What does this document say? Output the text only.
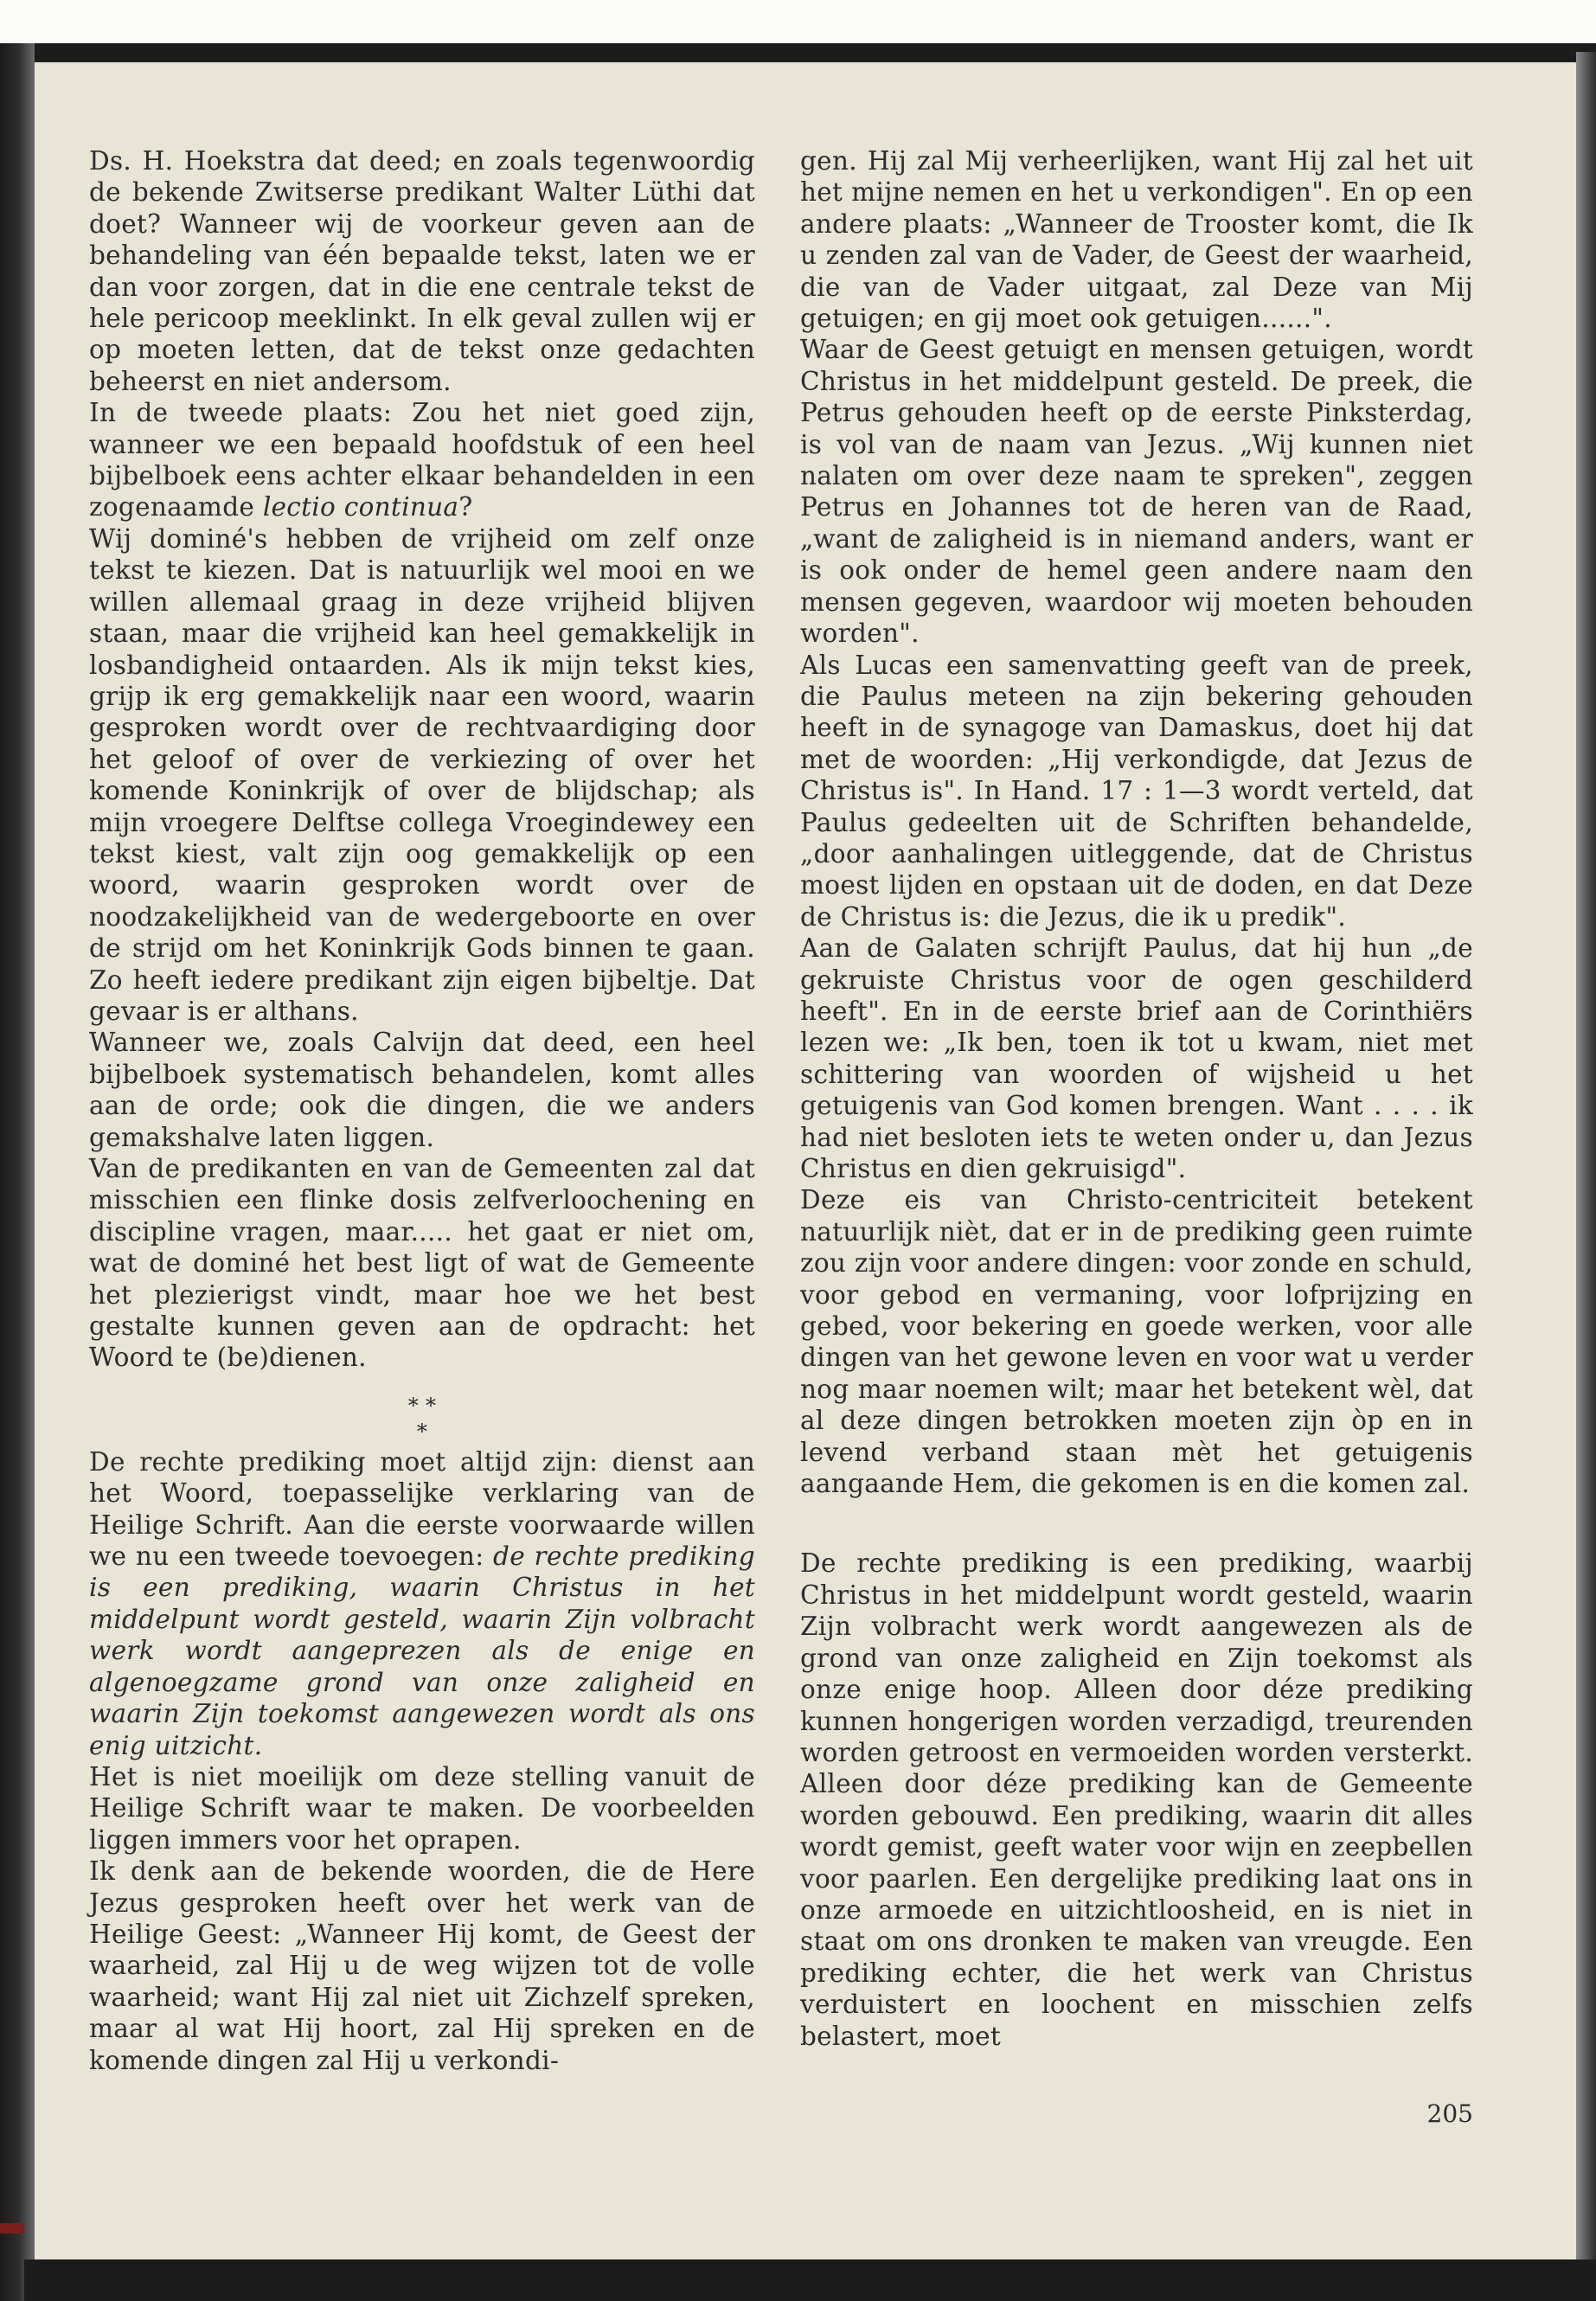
Ds. H. Hoekstra dat deed; en zoals tegenwoordig de bekende Zwitserse predikant Walter Lüthi dat doet? Wanneer wij de voorkeur geven aan de behandeling van één bepaalde tekst, laten we er dan voor zorgen, dat in die ene centrale tekst de hele pericoop meeklinkt. In elk geval zullen wij er op moeten letten, dat de tekst onze gedachten beheerst en niet andersom.

In de tweede plaats: Zou het niet goed zijn, wanneer we een bepaald hoofdstuk of een heel bijbelboek eens achter elkaar behandelden in een zogenaamde lectio continua?

Wij dominé's hebben de vrijheid om zelf onze tekst te kiezen. Dat is natuurlijk wel mooi en we willen allemaal graag in deze vrijheid blijven staan, maar die vrijheid kan heel gemakkelijk in losbandigheid ontaarden. Als ik mijn tekst kies, grijp ik erg gemakkelijk naar een woord, waarin gesproken wordt over de rechtvaardiging door het geloof of over de verkiezing of over het komende Koninkrijk of over de blijdschap; als mijn vroegere Delftse collega Vroegindewey een tekst kiest, valt zijn oog gemakkelijk op een woord, waarin gesproken wordt over de noodzakelijkheid van de wedergeboorte en over de strijd om het Koninkrijk Gods binnen te gaan. Zo heeft iedere predikant zijn eigen bijbeltje. Dat gevaar is er althans.

Wanneer we, zoals Calvijn dat deed, een heel bijbelboek systematisch behandelen, komt alles aan de orde; ook die dingen, die we anders gemakshalve laten liggen.

Van de predikanten en van de Gemeenten zal dat misschien een flinke dosis zelfverloochening en discipline vragen, maar..... het gaat er niet om, wat de dominé het best ligt of wat de Gemeente het plezierigst vindt, maar hoe we het best gestalte kunnen geven aan de opdracht: het Woord te (be)dienen.

* *
*

De rechte prediking moet altijd zijn: dienst aan het Woord, toepasselijke verklaring van de Heilige Schrift. Aan die eerste voorwaarde willen we nu een tweede toevoegen: de rechte prediking is een prediking, waarin Christus in het middelpunt wordt gesteld, waarin Zijn volbracht werk wordt aangeprezen als de enige en algenoegzame grond van onze zaligheid en waarin Zijn toekomst aangewezen wordt als ons enig uitzicht.

Het is niet moeilijk om deze stelling vanuit de Heilige Schrift waar te maken. De voorbeelden liggen immers voor het oprapen.

Ik denk aan de bekende woorden, die de Here Jezus gesproken heeft over het werk van de Heilige Geest: „Wanneer Hij komt, de Geest der waarheid, zal Hij u de weg wijzen tot de volle waarheid; want Hij zal niet uit Zichzelf spreken, maar al wat Hij hoort, zal Hij spreken en de komende dingen zal Hij u verkondi-

gen. Hij zal Mij verheerlijken, want Hij zal het uit het mijne nemen en het u verkondigen". En op een andere plaats: „Wanneer de Trooster komt, die Ik u zenden zal van de Vader, de Geest der waarheid, die van de Vader uitgaat, zal Deze van Mij getuigen; en gij moet ook getuigen......".

Waar de Geest getuigt en mensen getuigen, wordt Christus in het middelpunt gesteld. De preek, die Petrus gehouden heeft op de eerste Pinksterdag, is vol van de naam van Jezus. „Wij kunnen niet nalaten om over deze naam te spreken", zeggen Petrus en Johannes tot de heren van de Raad, „want de zaligheid is in niemand anders, want er is ook onder de hemel geen andere naam den mensen gegeven, waardoor wij moeten behouden worden".

Als Lucas een samenvatting geeft van de preek, die Paulus meteen na zijn bekering gehouden heeft in de synagoge van Damaskus, doet hij dat met de woorden: „Hij verkondigde, dat Jezus de Christus is". In Hand. 17 : 1—3 wordt verteld, dat Paulus gedeelten uit de Schriften behandelde, „door aanhalingen uitleggende, dat de Christus moest lijden en opstaan uit de doden, en dat Deze de Christus is: die Jezus, die ik u predik".

Aan de Galaten schrijft Paulus, dat hij hun „de gekruiste Christus voor de ogen geschilderd heeft". En in de eerste brief aan de Corinthiërs lezen we: „Ik ben, toen ik tot u kwam, niet met schittering van woorden of wijsheid u het getuigenis van God komen brengen. Want . . . . ik had niet besloten iets te weten onder u, dan Jezus Christus en dien gekruisigd".

Deze eis van Christo-centriciteit betekent natuurlijk nièt, dat er in de prediking geen ruimte zou zijn voor andere dingen: voor zonde en schuld, voor gebod en vermaning, voor lofprijzing en gebed, voor bekering en goede werken, voor alle dingen van het gewone leven en voor wat u verder nog maar noemen wilt; maar het betekent wèl, dat al deze dingen betrokken moeten zijn òp en in levend verband staan mèt het getuigenis aangaande Hem, die gekomen is en die komen zal.

De rechte prediking is een prediking, waarbij Christus in het middelpunt wordt gesteld, waarin Zijn volbracht werk wordt aangewezen als de grond van onze zaligheid en Zijn toekomst als onze enige hoop. Alleen door déze prediking kunnen hongerigen worden verzadigd, treurenden worden getroost en vermoeiden worden versterkt. Alleen door déze prediking kan de Gemeente worden gebouwd. Een prediking, waarin dit alles wordt gemist, geeft water voor wijn en zeepbellen voor paarlen. Een dergelijke prediking laat ons in onze armoede en uitzichtloosheid, en is niet in staat om ons dronken te maken van vreugde. Een prediking echter, die het werk van Christus verduistert en loochent en misschien zelfs belastert, moet

205
